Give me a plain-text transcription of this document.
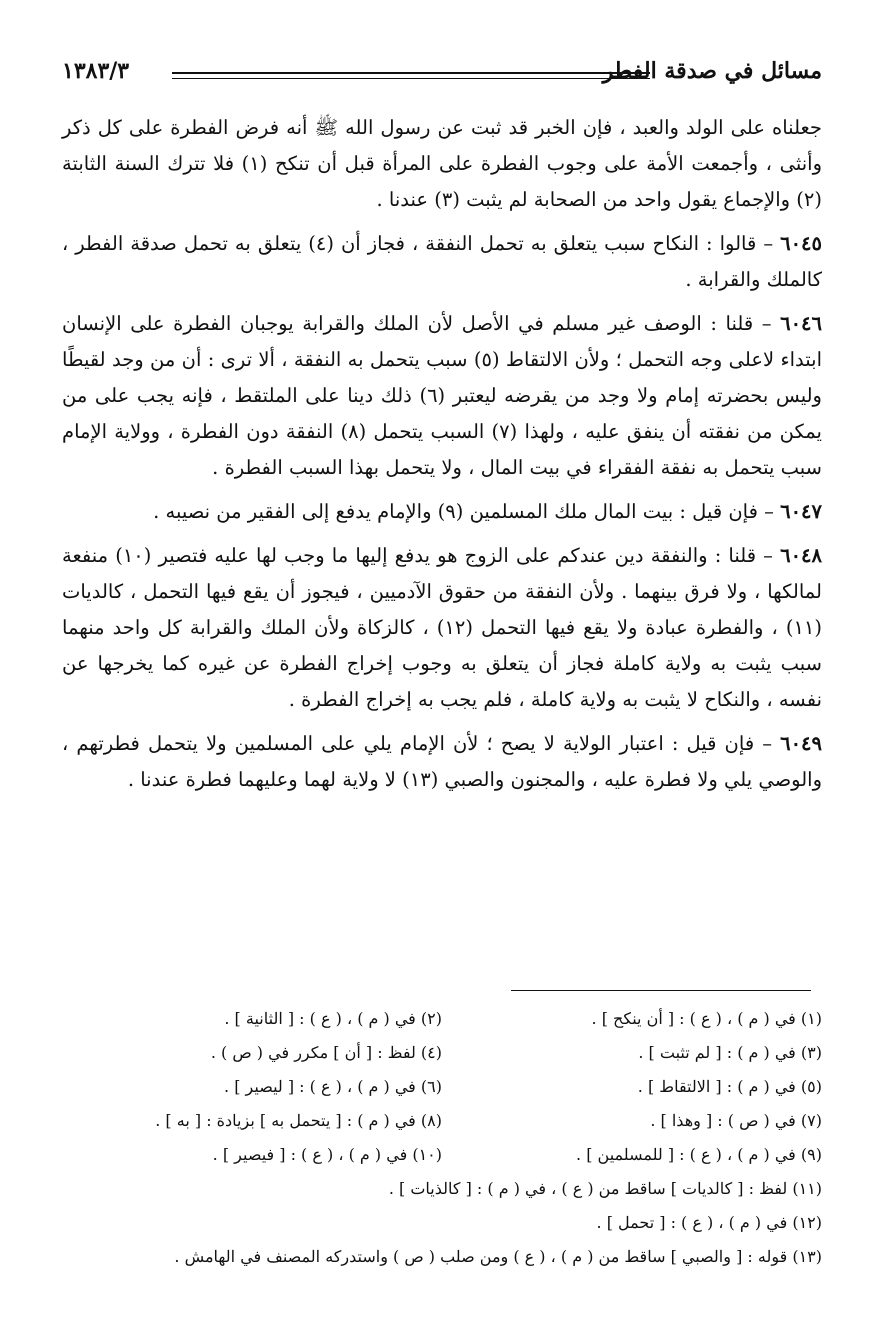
مسائل في صدقة الفطر
١٣٨٣/٣

جعلناه على الولد والعبد ، فإن الخبر قد ثبت عن رسول الله ﷺ أنه فرض الفطرة على كل ذكر وأنثى ، وأجمعت الأمة على وجوب الفطرة على المرأة قبل أن تنكح (١) فلا تترك السنة الثابتة (٢) والإجماع يقول واحد من الصحابة لم يثبت (٣) عندنا .

٦٠٤٥ – قالوا : النكاح سبب يتعلق به تحمل النفقة ، فجاز أن (٤) يتعلق به تحمل صدقة الفطر ، كالملك والقرابة .

٦٠٤٦ – قلنا : الوصف غير مسلم في الأصل لأن الملك والقرابة يوجبان الفطرة على الإنسان ابتداء لاعلى وجه التحمل ؛ ولأن الالتقاط (٥) سبب يتحمل به النفقة ، ألا ترى : أن من وجد لقيطًا وليس بحضرته إمام ولا وجد من يقرضه ليعتبر (٦) ذلك دينا على الملتقط ، فإنه يجب على من يمكن من نفقته أن ينفق عليه ، ولهذا (٧) السبب يتحمل (٨) النفقة دون الفطرة ، وولاية الإمام سبب يتحمل به نفقة الفقراء في بيت المال ، ولا يتحمل بهذا السبب الفطرة .

٦٠٤٧ – فإن قيل : بيت المال ملك المسلمين (٩) والإمام يدفع إلى الفقير من نصيبه .

٦٠٤٨ – قلنا : والنفقة دين عندكم على الزوج هو يدفع إليها ما وجب لها عليه فتصير (١٠) منفعة لمالكها ، ولا فرق بينهما . ولأن النفقة من حقوق الآدميين ، فيجوز أن يقع فيها التحمل ، كالديات (١١) ، والفطرة عبادة ولا يقع فيها التحمل (١٢) ، كالزكاة ولأن الملك والقرابة كل واحد منهما سبب يثبت به ولاية كاملة فجاز أن يتعلق به وجوب إخراج الفطرة عن غيره كما يخرجها عن نفسه ، والنكاح لا يثبت به ولاية كاملة ، فلم يجب به إخراج الفطرة .

٦٠٤٩ – فإن قيل : اعتبار الولاية لا يصح ؛ لأن الإمام يلي على المسلمين ولا يتحمل فطرتهم ، والوصي يلي ولا فطرة عليه ، والمجنون والصبي (١٣) لا ولاية لهما وعليهما فطرة عندنا .

(١) في ( م ) ، ( ع ) : [ أن ينكح ] .
(٢) في ( م ) ، ( ع ) : [ الثانية ] .
(٣) في ( م ) : [ لم تثبت ] .
(٤) لفظ : [ أن ] مكرر في ( ص ) .
(٥) في ( م ) : [ الالتقاط ] .
(٦) في ( م ) ، ( ع ) : [ ليصير ] .
(٧) في ( ص ) : [ وهذا ] .
(٨) في ( م ) : [ يتحمل به ] بزيادة : [ به ] .
(٩) في ( م ) ، ( ع ) : [ للمسلمين ] .
(١٠) في ( م ) ، ( ع ) : [ فيصير ] .
(١١) لفظ : [ كالديات ] ساقط من ( ع ) ، في ( م ) : [ كالذيات ] .
(١٢) في ( م ) ، ( ع ) : [ تحمل ] .
(١٣) قوله : [ والصبي ] ساقط من ( م ) ، ( ع ) ومن صلب ( ص ) واستدركه المصنف في الهامش .
